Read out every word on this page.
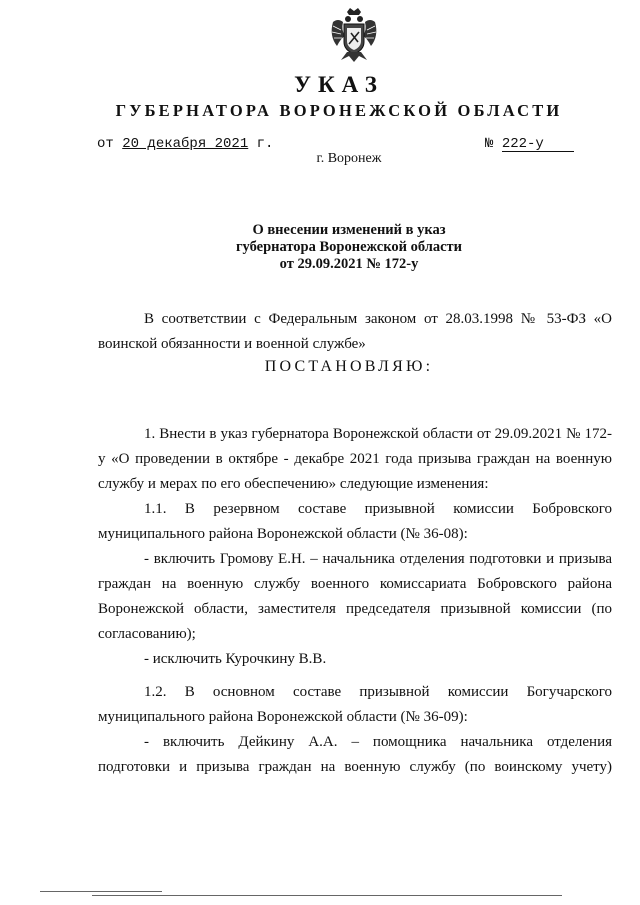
УКАЗ
ГУБЕРНАТОРА ВОРОНЕЖСКОЙ ОБЛАСТИ
от 20 декабря 2021 г.	№ 222-у
г. Воронеж
О внесении изменений в указ
губернатора Воронежской области
от 29.09.2021 № 172-у

В соответствии с Федеральным законом от 28.03.1998 № 53-ФЗ «О воинской обязанности и военной службе»

ПОСТАНОВЛЯЮ:

1. Внести в указ губернатора Воронежской области от 29.09.2021 № 172-у «О проведении в октябре - декабре 2021 года призыва граждан на военную службу и мерах по его обеспечению» следующие изменения:

1.1. В резервном составе призывной комиссии Бобровского муниципального района Воронежской области (№ 36-08):

- включить Громову Е.Н. – начальника отделения подготовки и призыва граждан на военную службу военного комиссариата Бобровского района Воронежской области, заместителя председателя призывной комиссии (по согласованию);

- исключить Курочкину В.В.

1.2. В основном составе призывной комиссии Богучарского муниципального района Воронежской области (№ 36-09):

- включить Дейкину А.А. – помощника начальника отделения подготовки и призыва граждан на военную службу (по воинскому учету)
